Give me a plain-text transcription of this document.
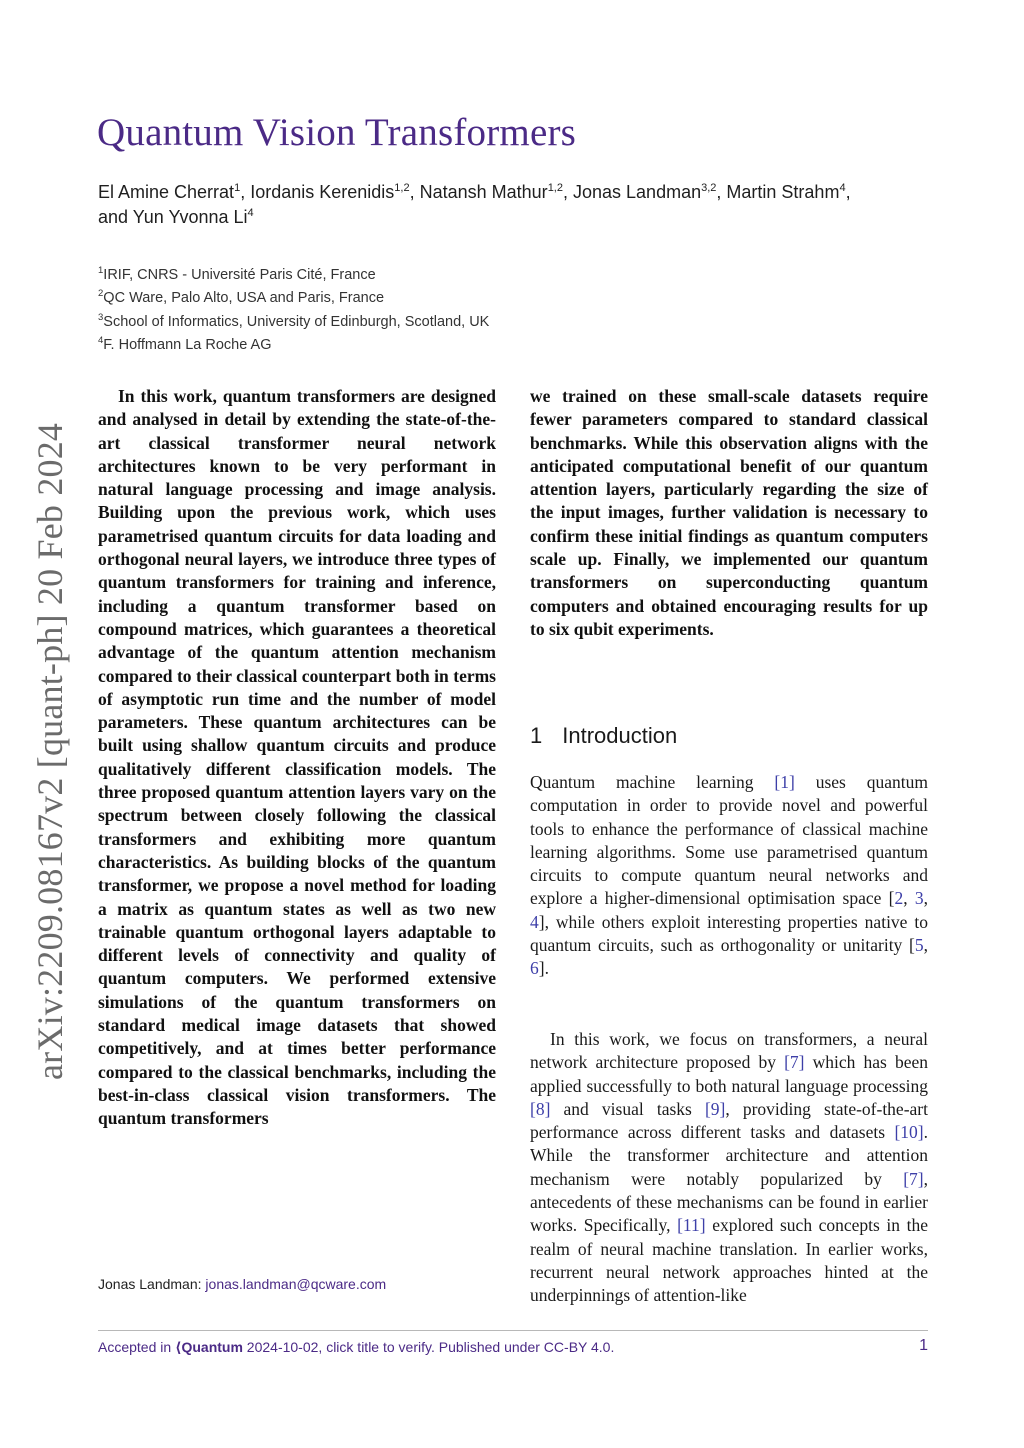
arXiv:2209.08167v2 [quant-ph] 20 Feb 2024
Quantum Vision Transformers
El Amine Cherrat$^1$, Iordanis Kerenidis$^{1,2}$, Natansh Mathur$^{1,2}$, Jonas Landman$^{3,2}$, Martin Strahm$^4$,
and Yun Yvonna Li$^4$
$^1$IRIF, CNRS - Université Paris Cité, France
$^2$QC Ware, Palo Alto, USA and Paris, France
$^3$School of Informatics, University of Edinburgh, Scotland, UK
$^4$F. Hoffmann La Roche AG

In this work, quantum transformers are designed and analysed in detail by extending the state-of-the-art classical transformer neural network architectures known to be very performant in natural language processing and image analysis. Building upon the previous work, which uses parametrised quantum circuits for data loading and orthogonal neural layers, we introduce three types of quantum transformers for training and inference, including a quantum transformer based on compound matrices, which guarantees a theoretical advantage of the quantum attention mechanism compared to their classical counterpart both in terms of asymptotic run time and the number of model parameters. These quantum architectures can be built using shallow quantum circuits and produce qualitatively different classification models. The three proposed quantum attention layers vary on the spectrum between closely following the classical transformers and exhibiting more quantum characteristics. As building blocks of the quantum transformer, we propose a novel method for loading a matrix as quantum states as well as two new trainable quantum orthogonal layers adaptable to different levels of connectivity and quality of quantum computers. We performed extensive simulations of the quantum transformers on standard medical image datasets that showed competitively, and at times better performance compared to the classical benchmarks, including the best-in-class classical vision transformers. The quantum transformers

we trained on these small-scale datasets require fewer parameters compared to standard classical benchmarks. While this observation aligns with the anticipated computational benefit of our quantum attention layers, particularly regarding the size of the input images, further validation is necessary to confirm these initial findings as quantum computers scale up. Finally, we implemented our quantum transformers on superconducting quantum computers and obtained encouraging results for up to six qubit experiments.

Jonas Landman: jonas.landman@qcware.com
1 Introduction

Quantum machine learning [1] uses quantum computation in order to provide novel and powerful tools to enhance the performance of classical machine learning algorithms. Some use parametrised quantum circuits to compute quantum neural networks and explore a higher-dimensional optimisation space [2, 3, 4], while others exploit interesting properties native to quantum circuits, such as orthogonality or unitarity [5, 6].

In this work, we focus on transformers, a neural network architecture proposed by [7] which has been applied successfully to both natural language processing [8] and visual tasks [9], providing state-of-the-art performance across different tasks and datasets [10]. While the transformer architecture and attention mechanism were notably popularized by [7], antecedents of these mechanisms can be found in earlier works. Specifically, [11] explored such concepts in the realm of neural machine translation. In earlier works, recurrent neural network approaches hinted at the underpinnings of attention-like

Accepted in ⟨Quantum 2024-10-02, click title to verify. Published under CC-BY 4.0.	1
